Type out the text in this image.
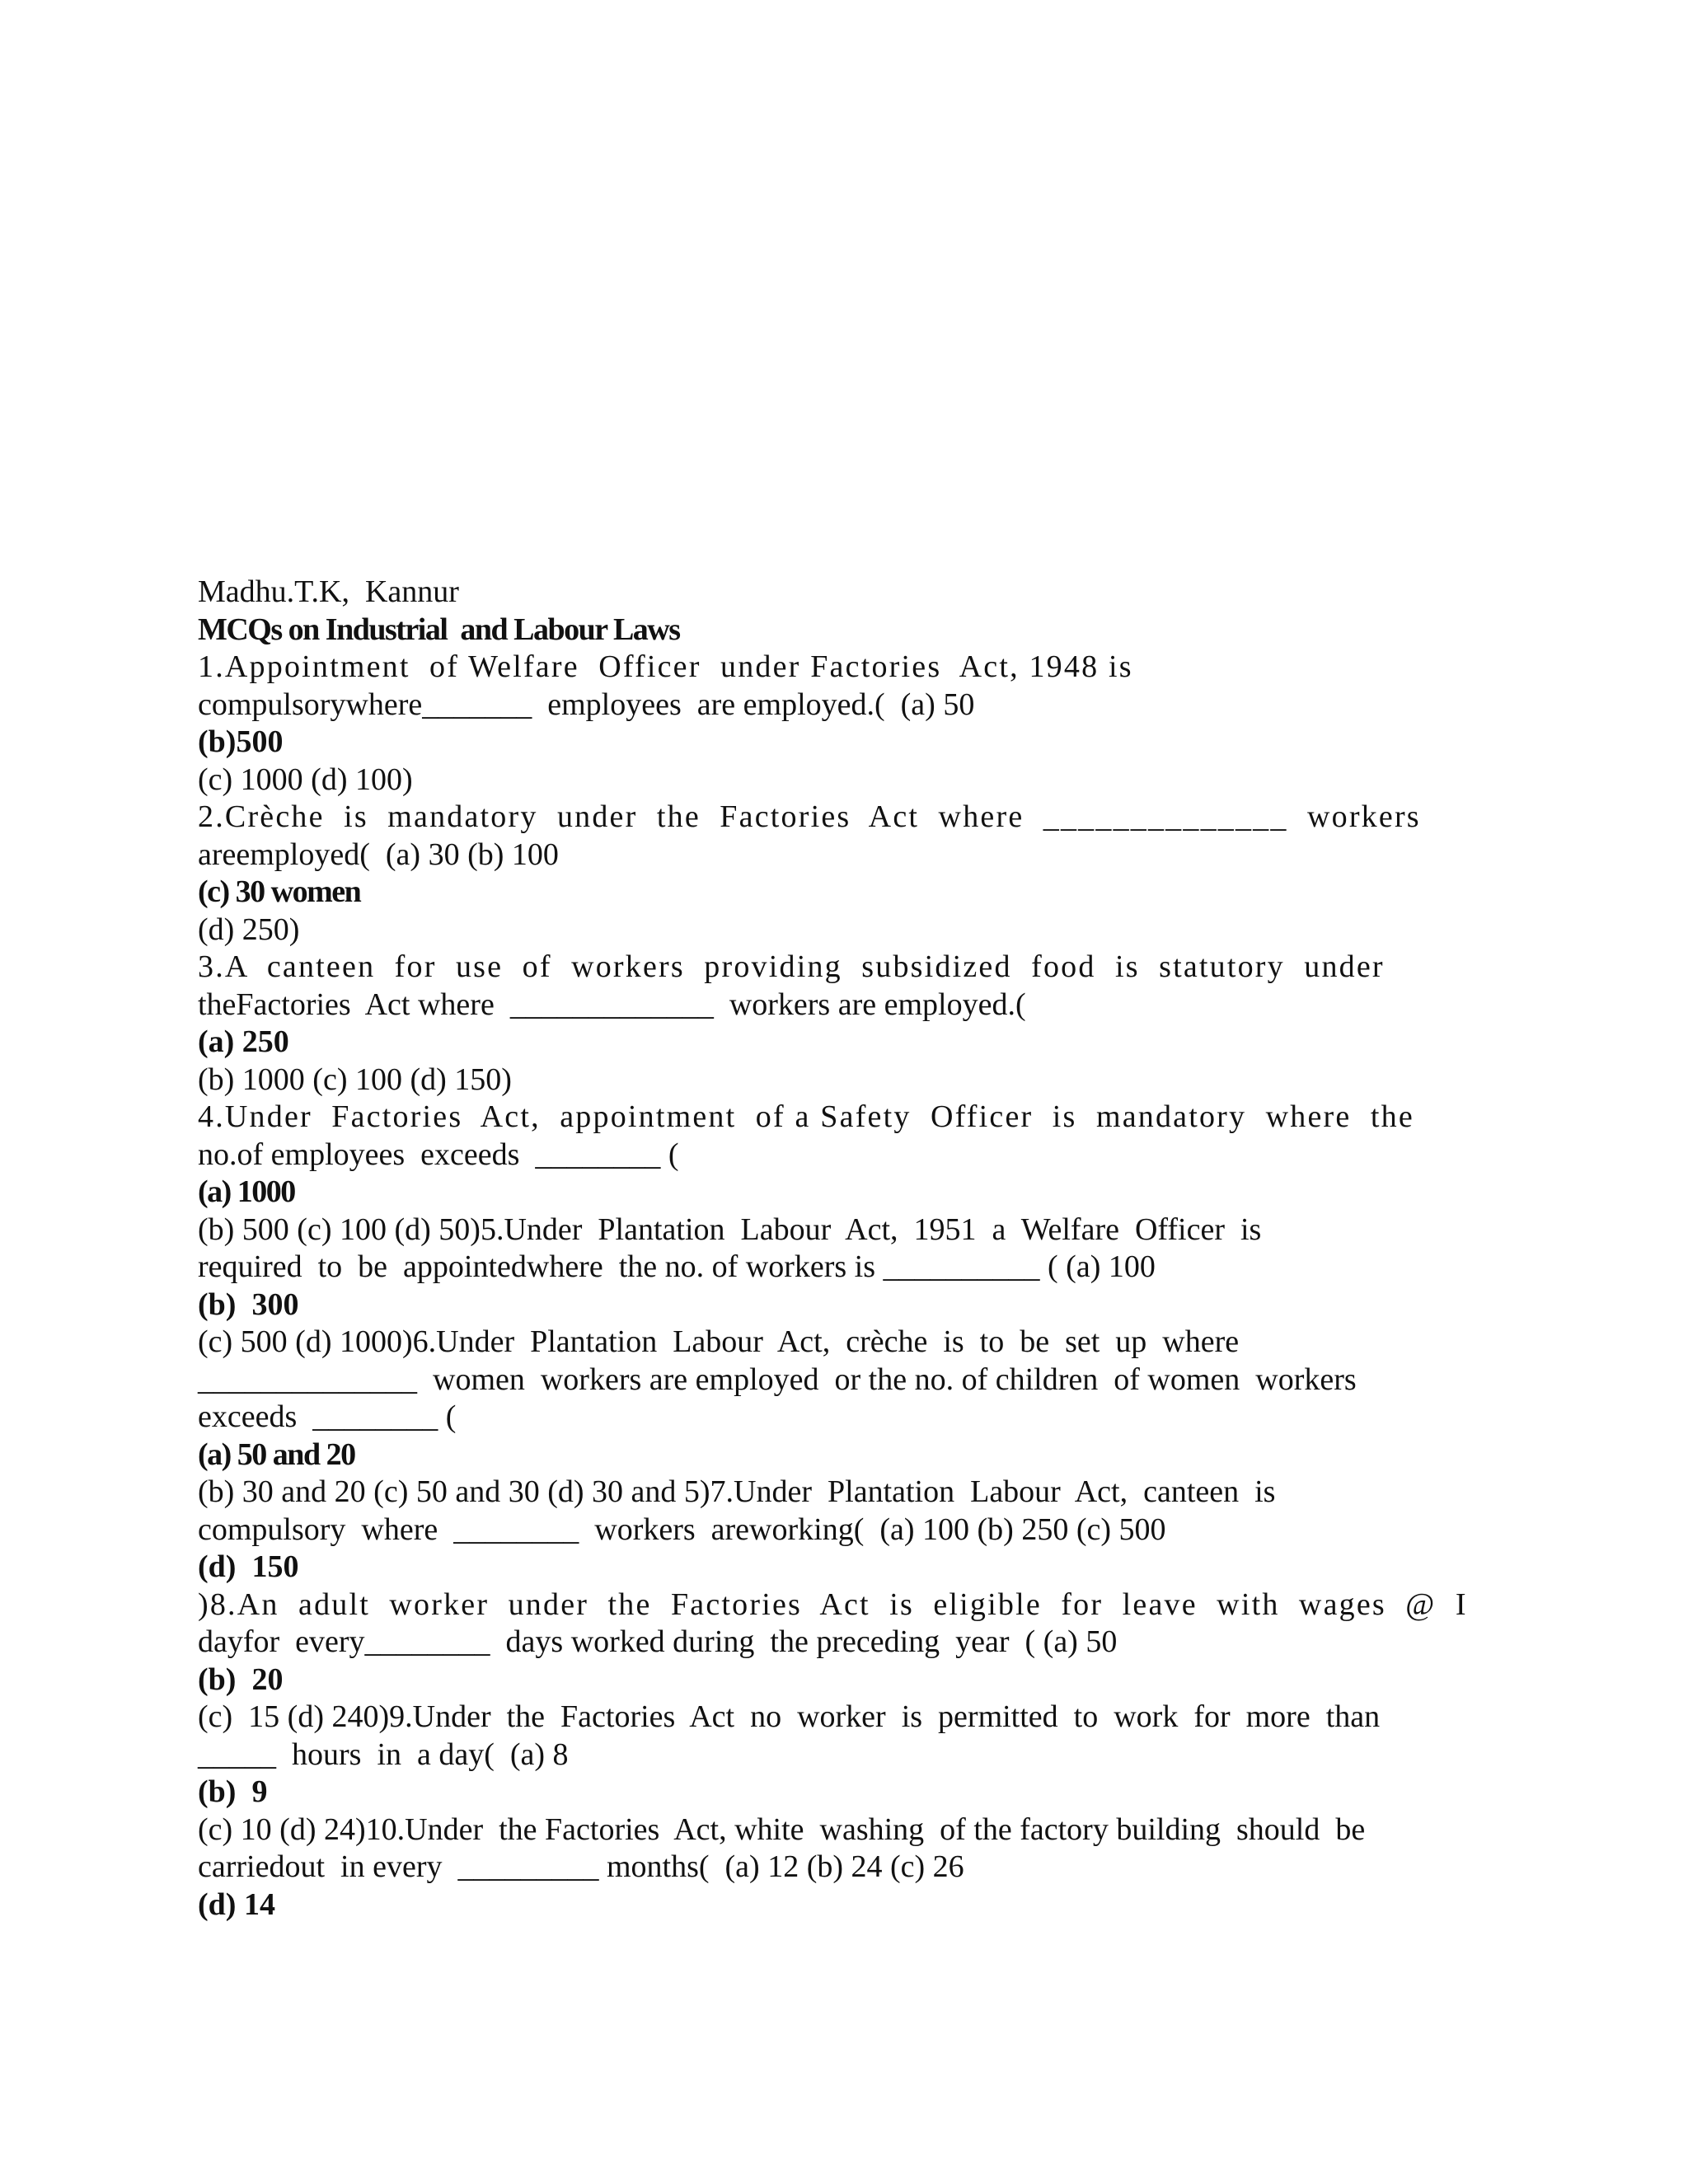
Madhu.T.K,  Kannur
MCQs on Industrial  and Labour Laws
1.Appointment  of Welfare  Officer  under Factories  Act, 1948 is
compulsorywhere_______  employees  are employed.(  (a) 50
(b)500
(c) 1000 (d) 100)
2.Crèche  is  mandatory  under  the  Factories  Act  where  ______________  workers
areemployed(  (a) 30 (b) 100
(c) 30 women
(d) 250)
3.A  canteen  for  use  of  workers  providing  subsidized  food  is  statutory  under
theFactories  Act where  _____________  workers are employed.(
(a) 250
(b) 1000 (c) 100 (d) 150)
4.Under  Factories  Act,  appointment  of a Safety  Officer  is  mandatory  where  the
no.of employees  exceeds  ________ (
(a) 1000
(b) 500 (c) 100 (d) 50)5.Under  Plantation  Labour  Act,  1951  a  Welfare  Officer  is
required  to  be  appointedwhere  the no. of workers is __________ ( (a) 100
(b)  300
(c) 500 (d) 1000)6.Under  Plantation  Labour  Act,  crèche  is  to  be  set  up  where
______________  women  workers are employed  or the no. of children  of women  workers
exceeds  ________ (
(a) 50 and 20
(b) 30 and 20 (c) 50 and 30 (d) 30 and 5)7.Under  Plantation  Labour  Act,  canteen  is
compulsory  where  ________  workers  areworking(  (a) 100 (b) 250 (c) 500
(d)  150
)8.An  adult  worker  under  the  Factories  Act  is  eligible  for  leave  with  wages  @  I
dayfor  every________  days worked during  the preceding  year  ( (a) 50
(b)  20
(c)  15 (d) 240)9.Under  the  Factories  Act  no  worker  is  permitted  to  work  for  more  than
_____  hours  in  a day(  (a) 8
(b)  9
(c) 10 (d) 24)10.Under  the Factories  Act, white  washing  of the factory building  should  be
carriedout  in every  _________ months(  (a) 12 (b) 24 (c) 26
(d) 14
